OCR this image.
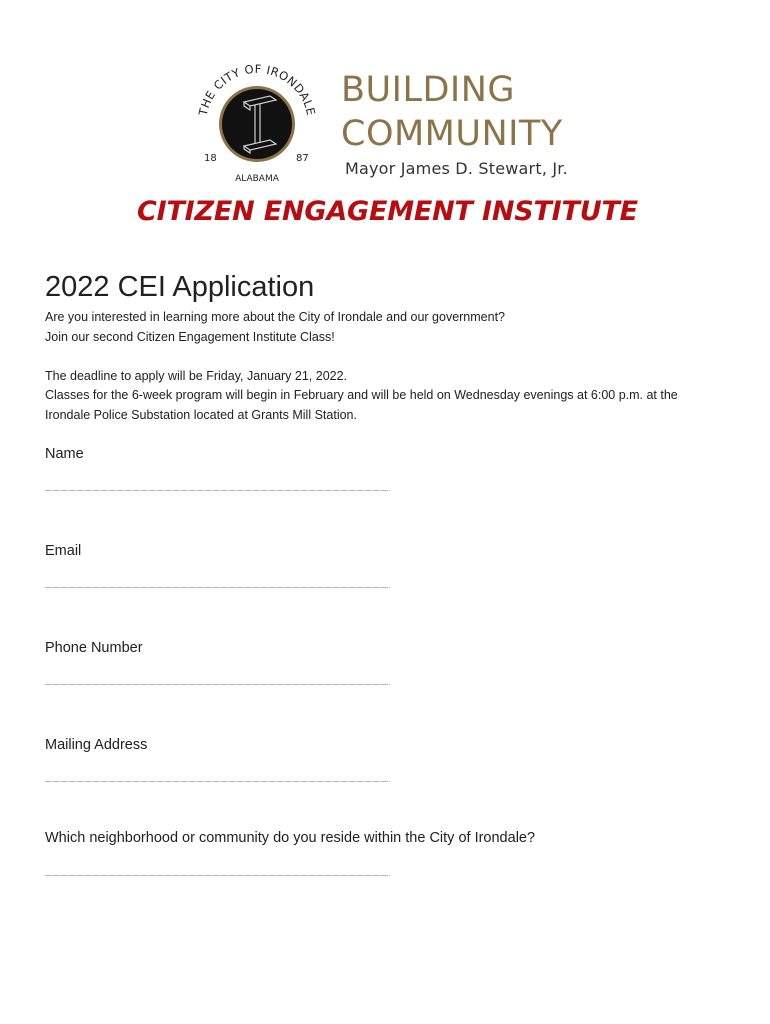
THE CITY OF IRONDALE
18	87
ALABAMA
BUILDING
COMMUNITY
Mayor James D. Stewart, Jr.
CITIZEN ENGAGEMENT INSTITUTE
2022 CEI Application

Are you interested in learning more about the City of Irondale and our government?

Join our second Citizen Engagement Institute Class!

The deadline to apply will be Friday, January 21, 2022.

Classes for the 6-week program will begin in February and will be held on Wednesday evenings at 6:00 p.m. at the Irondale Police Substation located at Grants Mill Station.

Name
Email
Phone Number
Mailing Address
Which neighborhood or community do you reside within the City of Irondale?
